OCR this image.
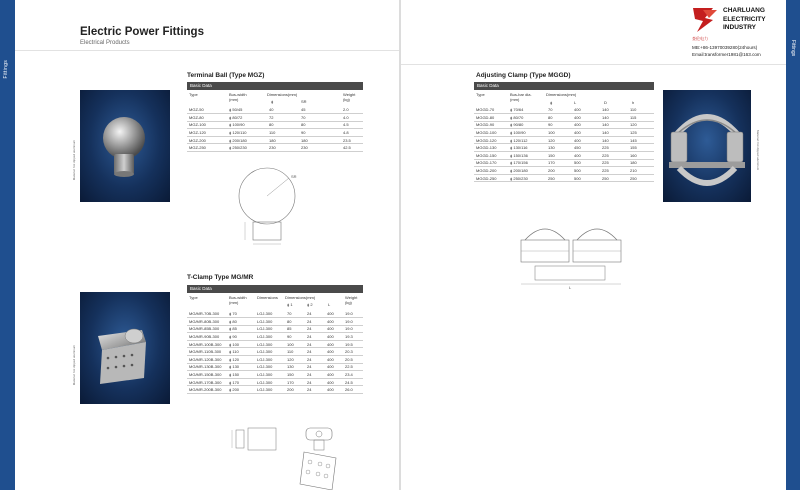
Fittings
Electric Power Fittings
Electrical Products
Terminal Ball (Type MGZ)
Material: hot dipped aluminum
Basic Data
Type	Bus-width
(mm)
Dimensions(mm)
ϕ	SR
Weight
(kg)
MGZ-50	ϕ 50/45	40	45	2.0
MGZ-80	ϕ 80/72	72	70	4.0
MGZ-100	ϕ 100/90	80	80	4.5
MGZ-120	ϕ 120/110	110	90	4.8
MGZ-200	ϕ 200/180	180	180	23.5
MGZ-250	ϕ 250/230	230	230	42.5
SR
T-Clamp Type MG/MR
Material: hot dipped aluminum
Basic Data
Type	Bus-width
(mm)
Dimensions Dimensions(mm)
ϕ 1	ϕ 2	L
Weight
(kg)
MG/MR-70B-300	ϕ 70	LGJ-300	70	24	400	19.0
MG/MR-80B-300	ϕ 80	LGJ-300	80	24	400	19.0
MG/MR-85B-300	ϕ 85	LGJ-300	85	24	400	19.0
MG/MR-90B-300	ϕ 90	LGJ-300	90	24	400	19.3
MG/MR-100B-300	ϕ 100	LGJ-300	100	24	400	19.5
MG/MR-110B-300	ϕ 110	LGJ-300	110	24	400	20.3
MG/MR-120B-300	ϕ 120	LGJ-300	120	24	400	20.5
MG/MR-130B-300	ϕ 130	LGJ-300	130	24	400	22.5
MG/MR-150B-300	ϕ 150	LGJ-300	150	24	400	23.4
MG/MR-170B-300	ϕ 170	LGJ-300	170	24	400	24.5
MG/MR-200B-300	ϕ 200	LGJ-300	200	24	400	26.0
Fittings
CHARLUANG
ELECTRICITY
INDUSTRY
查伦电力
MB:+86-13970039280(24hours)
Email:transformer1981@163.com
Adjusting Clamp (Type MGGD)
Basic Data
Type	Bus-bar dia.
(mm)
Dimensions(mm)
ϕ	L	D	h
MGGD-70	ϕ 70/64	70	400	140	110
MGGD-80	ϕ 80/70	80	400	140	115
MGGD-90	ϕ 90/80	90	400	140	120
MGGD-100	ϕ 100/90	100	400	140	125
MGGD-120	ϕ 120/112	120	400	140	145
MGGD-130	ϕ 130/116	130	450	225	155
MGGD-150	ϕ 150/136	150	400	225	160
MGGD-170	ϕ 170/156	170	500	225	180
MGGD-200	ϕ 200/180	200	500	225	210
MGGD-250	ϕ 250/230	250	500	250	250
Material: hot dipped aluminum
L
